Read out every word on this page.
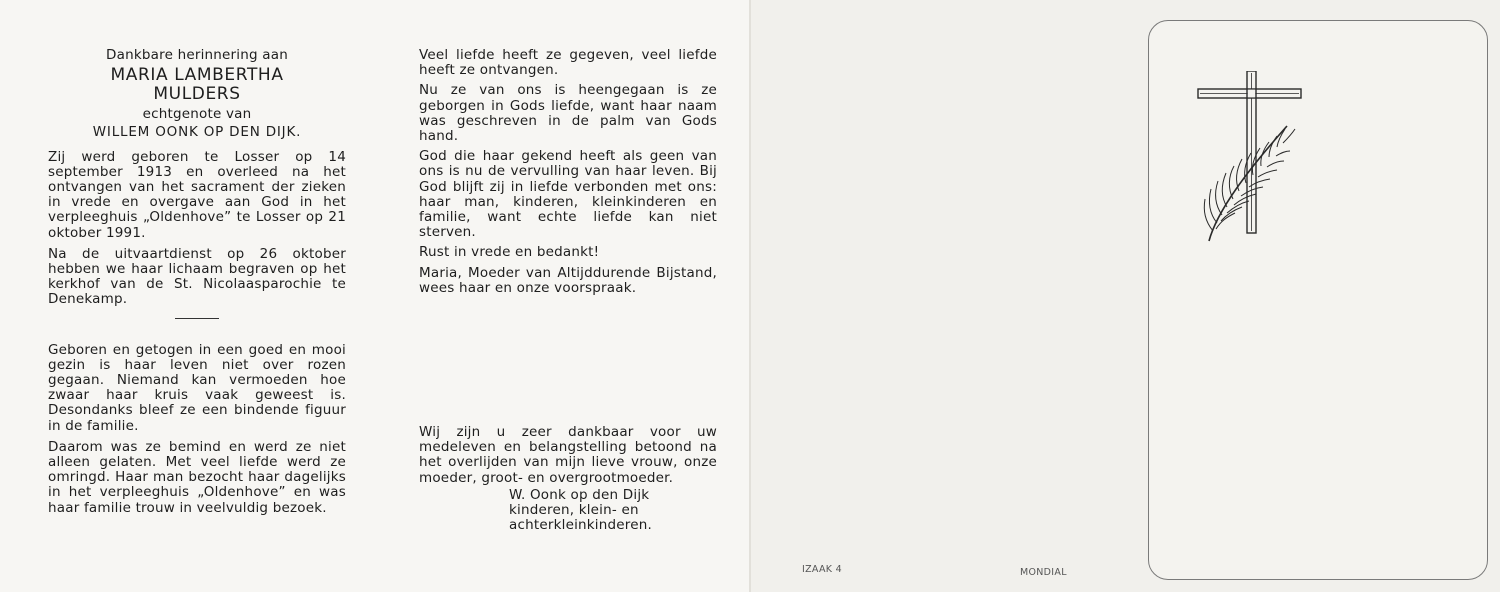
Dankbare herinnering aan
MARIA LAMBERTHA
MULDERS
echtgenote van
WILLEM OONK OP DEN DIJK.

Zij werd geboren te Losser op 14 september 1913 en overleed na het ontvangen van het sacrament der zieken in vrede en overgave aan God in het verpleeghuis „Oldenhove” te Losser op 21 oktober 1991.

Na de uitvaartdienst op 26 oktober hebben we haar lichaam begraven op het kerkhof van de St. Nicolaasparochie te Denekamp.

Geboren en getogen in een goed en mooi gezin is haar leven niet over rozen gegaan. Niemand kan vermoeden hoe zwaar haar kruis vaak geweest is. Desondanks bleef ze een bindende figuur in de familie.

Daarom was ze bemind en werd ze niet alleen gelaten. Met veel liefde werd ze omringd. Haar man bezocht haar dagelijks in het verpleeghuis „Oldenhove” en was haar familie trouw in veelvuldig bezoek.

Veel liefde heeft ze gegeven, veel liefde heeft ze ontvangen.

Nu ze van ons is heengegaan is ze geborgen in Gods liefde, want haar naam was geschreven in de palm van Gods hand.

God die haar gekend heeft als geen van ons is nu de vervulling van haar leven. Bij God blijft zij in liefde verbonden met ons: haar man, kinderen, kleinkinderen en familie, want echte liefde kan niet sterven.

Rust in vrede en bedankt!

Maria, Moeder van Altijddurende Bijstand, wees haar en onze voorspraak.

Wij zijn u zeer dankbaar voor uw medeleven en belangstelling betoond na het overlijden van mijn lieve vrouw, onze moeder, groot- en overgrootmoeder.

W. Oonk op den Dijk
kinderen, klein- en
achterkleinkinderen.
IZAAK 4	MONDIAL
